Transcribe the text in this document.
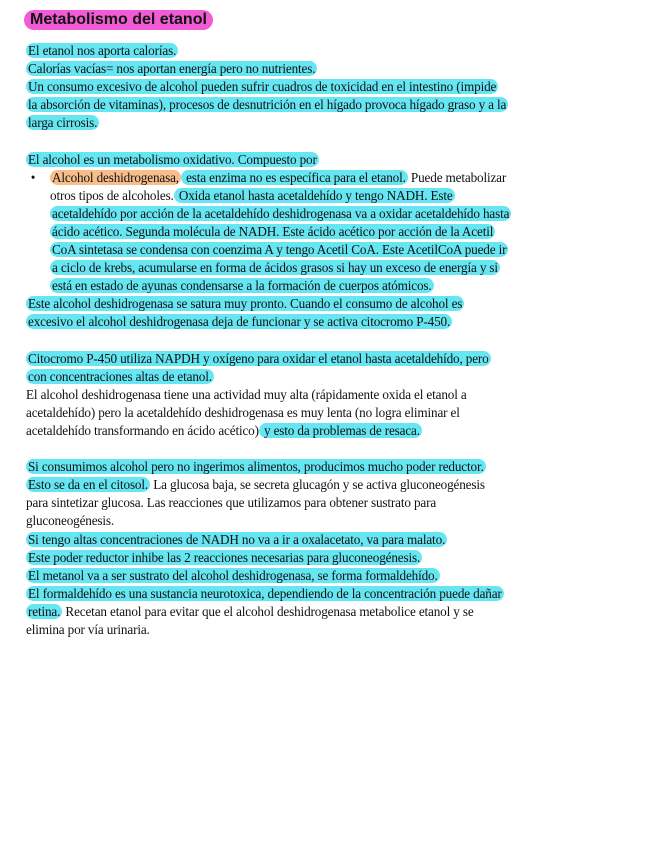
Metabolismo del etanol
El etanol nos aporta calorías.
Calorías vacías= nos aportan energía pero no nutrientes.
Un consumo excesivo de alcohol pueden sufrir cuadros de toxicidad en el intestino (impide
la absorción de vitaminas), procesos de desnutrición en el hígado provoca hígado graso y a la
larga cirrosis.
El alcohol es un metabolismo oxidativo. Compuesto por
• Alcohol deshidrogenasa, esta enzima no es específica para el etanol. Puede metabolizar
otros tipos de alcoholes. Oxida etanol hasta acetaldehído y tengo NADH. Este
acetaldehído por acción de la acetaldehído deshidrogenasa va a oxidar acetaldehído hasta
ácido acético. Segunda molécula de NADH. Este ácido acético por acción de la Acetil
CoA sintetasa se condensa con coenzima A y tengo Acetil CoA. Este AcetilCoA puede ir
a ciclo de krebs, acumularse en forma de ácidos grasos si hay un exceso de energía y si
está en estado de ayunas condensarse a la formación de cuerpos atómicos.
Este alcohol deshidrogenasa se satura muy pronto. Cuando el consumo de alcohol es
excesivo el alcohol deshidrogenasa deja de funcionar y se activa citocromo P-450.
Citocromo P-450 utiliza NAPDH y oxígeno para oxidar el etanol hasta acetaldehído, pero
con concentraciones altas de etanol.
El alcohol deshidrogenasa tiene una actividad muy alta (rápidamente oxida el etanol a
acetaldehído) pero la acetaldehído deshidrogenasa es muy lenta (no logra eliminar el
acetaldehído transformando en ácido acético) y esto da problemas de resaca.
Si consumimos alcohol pero no ingerimos alimentos, producimos mucho poder reductor.
Esto se da en el citosol. La glucosa baja, se secreta glucagón y se activa gluconeogénesis
para sintetizar glucosa. Las reacciones que utilizamos para obtener sustrato para
gluconeogénesis.
Si tengo altas concentraciones de NADH no va a ir a oxalacetato, va para malato.
Este poder reductor inhibe las 2 reacciones necesarias para gluconeogénesis.
El metanol va a ser sustrato del alcohol deshidrogenasa, se forma formaldehído.
El formaldehído es una sustancia neurotoxica, dependiendo de la concentración puede dañar
retina. Recetan etanol para evitar que el alcohol deshidrogenasa metabolice etanol y se
elimina por vía urinaria.
